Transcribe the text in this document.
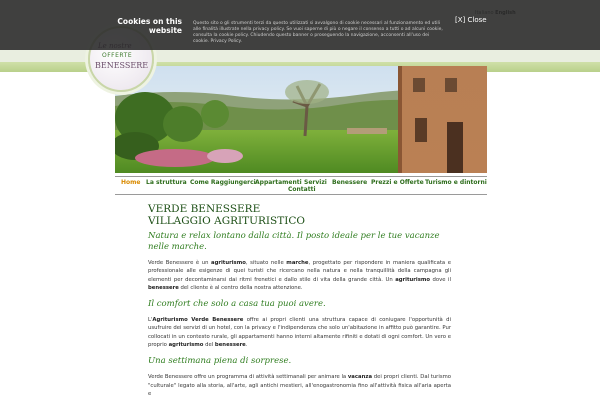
OFFERTE
BENESSERE
Cookies on this website
Questo sito o gli strumenti terzi da questo utilizzati si avvalgono di cookie necessari al funzionamento ed utili alle finalità illustrate nella privacy policy. Se vuoi saperne di più o negare il consenso a tutti o ad alcuni cookie, consulta la cookie policy. Chiudendo questo banner o proseguendo la navigazione, acconsenti all'uso dei cookie. Privacy Policy.
[X] Close
Home La struttura Come Raggiungerci Appartamenti Servizi Benessere Prezzi e Offerte Turismo e dintorni
Contatti
VERDE BENESSERE
VILLAGGIO AGRITURISTICO
Natura e relax lontano dalla città. Il posto ideale per le tue vacanze nelle marche.

Verde Benessere è un agriturismo, situato nelle marche, progettato per rispondere in maniera qualificata e professionale alle esigenze di quei turisti che ricercano nella natura e nella tranquillità della campagna gli elementi per decontaminarsi dai ritmi frenetici e dallo stile di vita della grande città. Un agriturismo dove il benessere del cliente è al centro della nostra attenzione.

Il comfort che solo a casa tua puoi avere.

L'Agriturismo Verde Benessere offre ai propri clienti una struttura capace di coniugare l'opportunità di usufruire dei servizi di un hotel, con la privacy e l'indipendenza che solo un'abitazione in affitto può garantire. Pur collocati in un contesto rurale, gli appartamenti hanno interni altamente rifiniti e dotati di ogni comfort. Un vero e proprio agriturismo del benessere.

Una settimana piena di sorprese.

Verde Benessere offre un programma di attività settimanali per animare la vacanza dei propri clienti. Dal turismo "culturale" legato alla storia, all'arte, agli antichi mestieri, all'enogastronomia fino all'attività fisica all'aria aperta e
